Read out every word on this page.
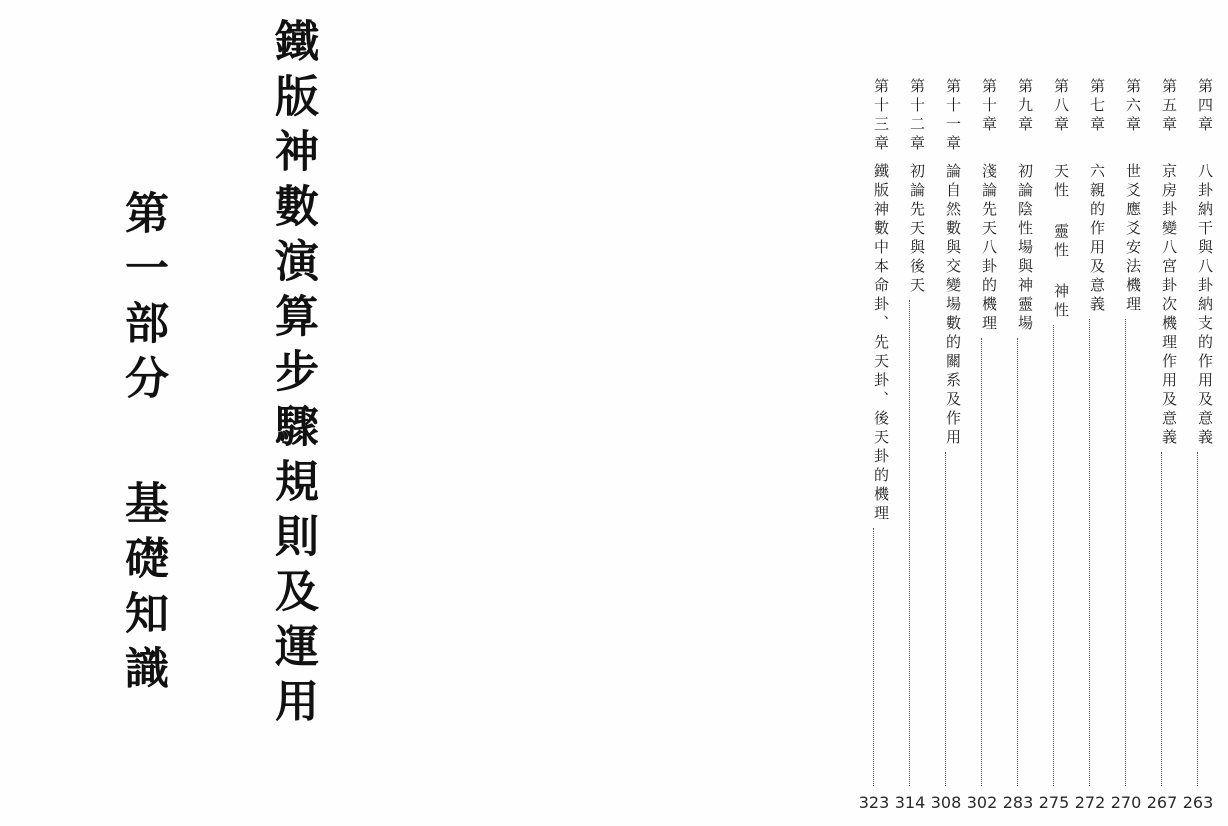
第一部分基礎知識 鐵版神數演算步驟規則及運用	第四章
八卦納干與八卦納支的作用及意義
263
第五章
京房卦變八宮卦次機理作用及意義
267
第六章
世爻應爻安法機理
270
第七章
六親的作用及意義
272
第八章
天性 靈性 神性
275
第九章
初論陰性場與神靈場
283
第十章
淺論先天八卦的機理
302
第十一章
論自然數與交變場數的關系及作用
308
第十二章
初論先天與後天
314
第十三章
鐵版神數中本命卦、先天卦、後天卦的機理
323
